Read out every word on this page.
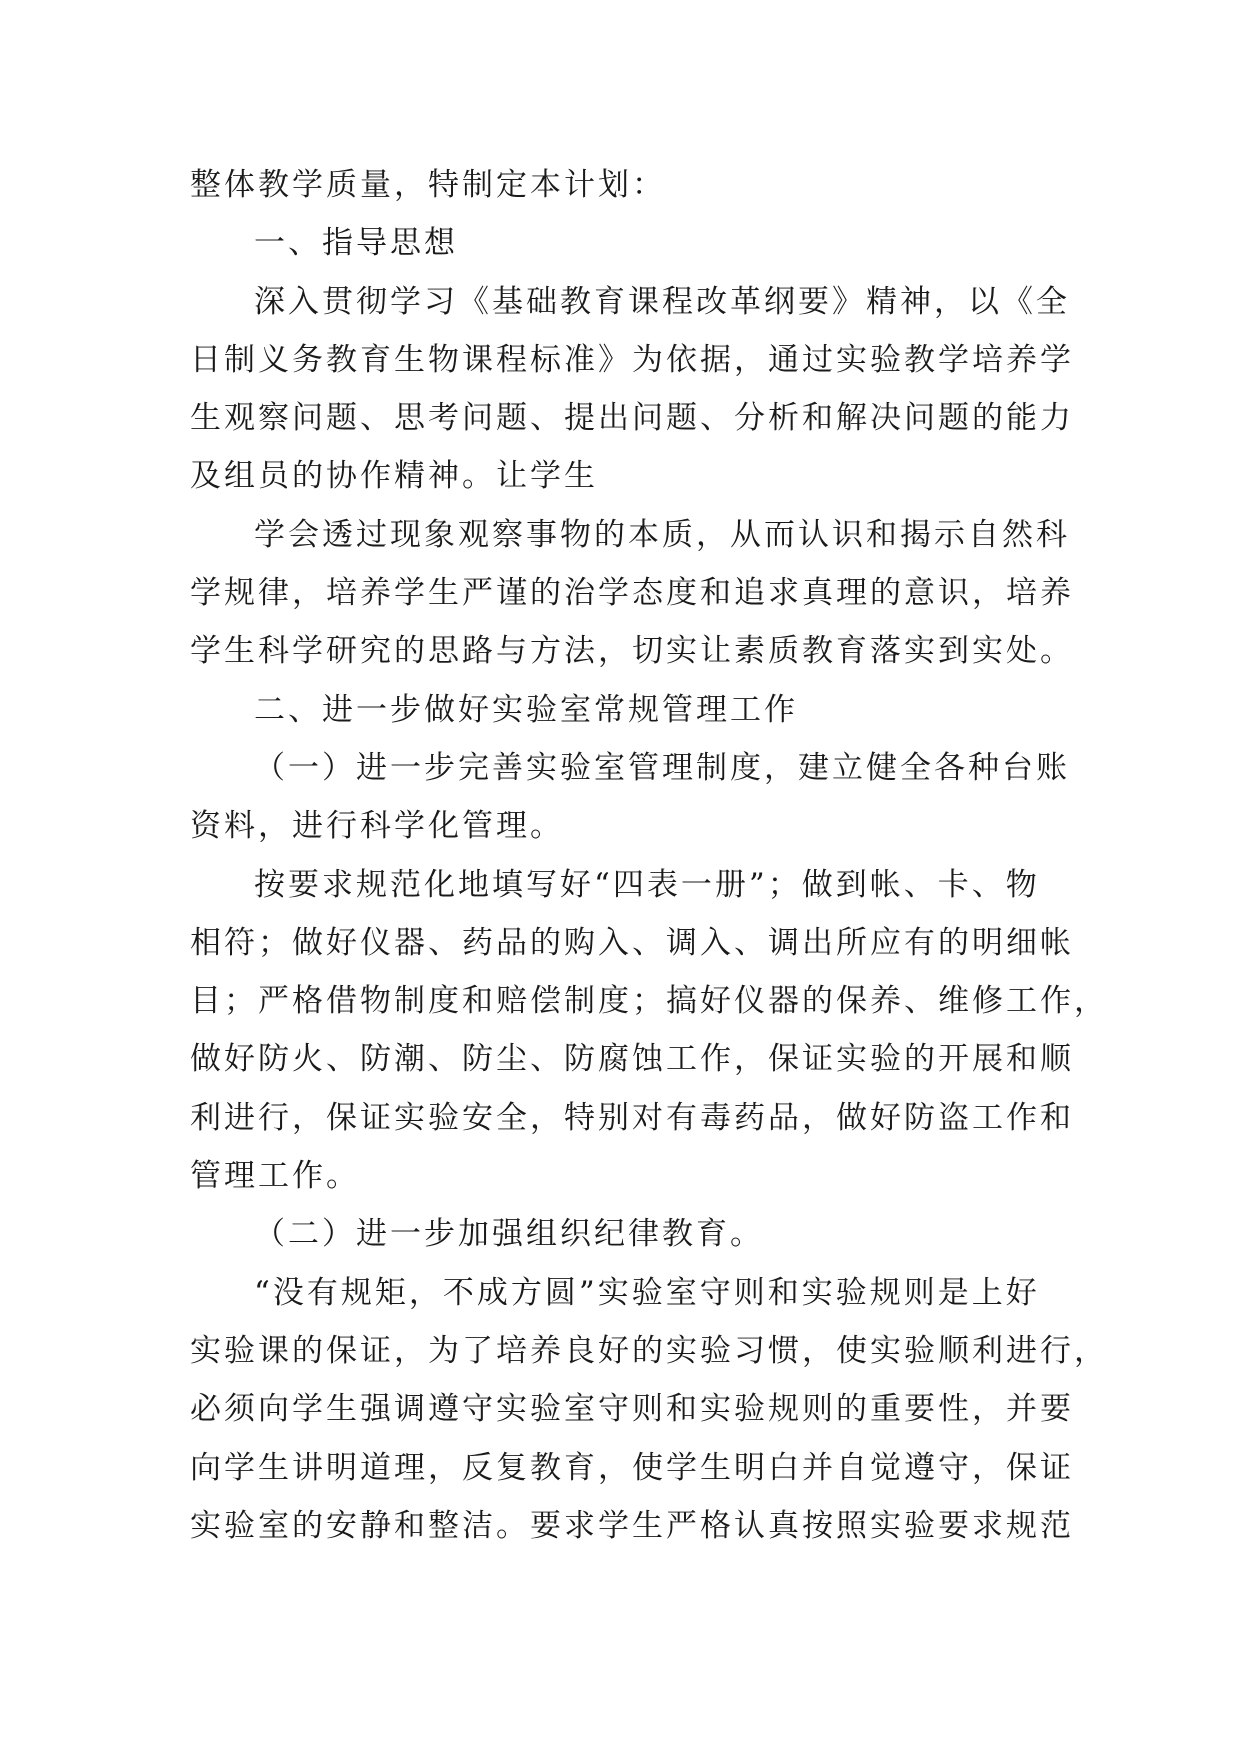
整体教学质量，特制定本计划：
一、指导思想
深入贯彻学习《基础教育课程改革纲要》精神，以《全
日制义务教育生物课程标准》为依据，通过实验教学培养学
生观察问题、思考问题、提出问题、分析和解决问题的能力
及组员的协作精神。让学生
学会透过现象观察事物的本质，从而认识和揭示自然科
学规律，培养学生严谨的治学态度和追求真理的意识，培养
学生科学研究的思路与方法，切实让素质教育落实到实处。
二、进一步做好实验室常规管理工作
（一）进一步完善实验室管理制度，建立健全各种台账
资料，进行科学化管理。
按要求规范化地填写好“四表一册”；做到帐、卡、物
相符；做好仪器、药品的购入、调入、调出所应有的明细帐
目；严格借物制度和赔偿制度；搞好仪器的保养、维修工作，
做好防火、防潮、防尘、防腐蚀工作，保证实验的开展和顺
利进行，保证实验安全，特别对有毒药品，做好防盗工作和
管理工作。
（二）进一步加强组织纪律教育。
“没有规矩，不成方圆”实验室守则和实验规则是上好
实验课的保证，为了培养良好的实验习惯，使实验顺利进行，
必须向学生强调遵守实验室守则和实验规则的重要性，并要
向学生讲明道理，反复教育，使学生明白并自觉遵守，保证
实验室的安静和整洁。要求学生严格认真按照实验要求规范
